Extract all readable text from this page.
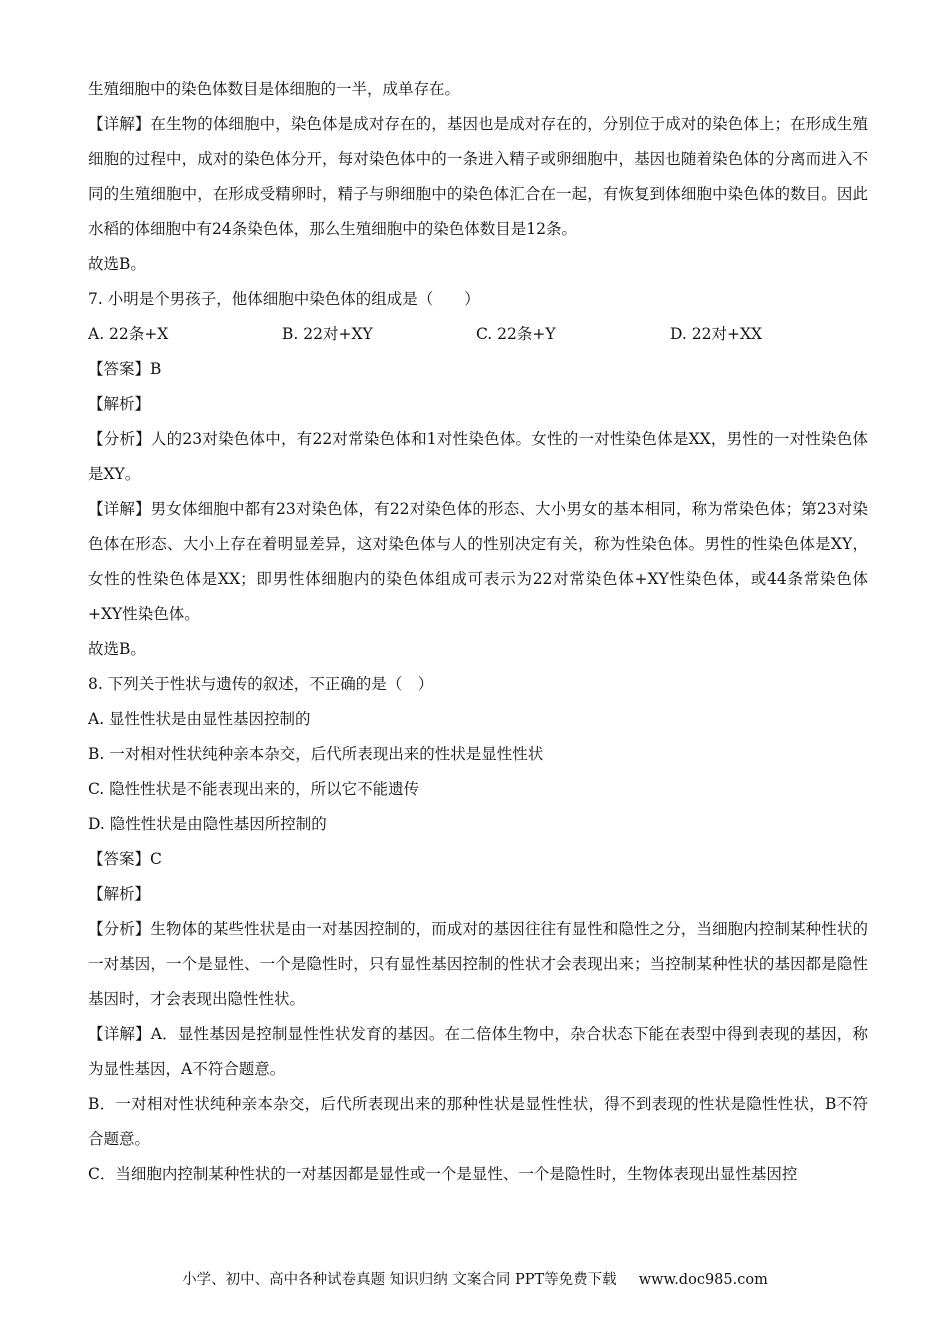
生殖细胞中的染色体数目是体细胞的一半，成单存在。
【详解】在生物的体细胞中，染色体是成对存在的，基因也是成对存在的，分别位于成对的染色体上；在形成生殖细胞的过程中，成对的染色体分开，每对染色体中的一条进入精子或卵细胞中，基因也随着染色体的分离而进入不同的生殖细胞中，在形成受精卵时，精子与卵细胞中的染色体汇合在一起，有恢复到体细胞中染色体的数目。因此水稻的体细胞中有24条染色体，那么生殖细胞中的染色体数目是12条。
故选B。
7. 小明是个男孩子，他体细胞中染色体的组成是（　　）
A. 22条+X	B. 22对+XY	C. 22条+Y	D. 22对+XX
【答案】B
【解析】
【分析】人的23对染色体中，有22对常染色体和1对性染色体。女性的一对性染色体是XX，男性的一对性染色体是XY。
【详解】男女体细胞中都有23对染色体，有22对染色体的形态、大小男女的基本相同，称为常染色体；第23对染色体在形态、大小上存在着明显差异，这对染色体与人的性别决定有关，称为性染色体。男性的性染色体是XY，女性的性染色体是XX；即男性体细胞内的染色体组成可表示为22对常染色体+XY性染色体，或44条常染色体+XY性染色体。
故选B。
8. 下列关于性状与遗传的叙述，不正确的是（　）
A. 显性性状是由显性基因控制的
B. 一对相对性状纯种亲本杂交，后代所表现出来的性状是显性性状
C. 隐性性状是不能表现出来的，所以它不能遗传
D. 隐性性状是由隐性基因所控制的
【答案】C
【解析】
【分析】生物体的某些性状是由一对基因控制的，而成对的基因往往有显性和隐性之分，当细胞内控制某种性状的一对基因，一个是显性、一个是隐性时，只有显性基因控制的性状才会表现出来；当控制某种性状的基因都是隐性基因时，才会表现出隐性性状。
【详解】A．显性基因是控制显性性状发育的基因。在二倍体生物中，杂合状态下能在表型中得到表现的基因，称为显性基因，A不符合题意。
B．一对相对性状纯种亲本杂交，后代所表现出来的那种性状是显性性状，得不到表现的性状是隐性性状，B不符合题意。
C．当细胞内控制某种性状的一对基因都是显性或一个是显性、一个是隐性时，生物体表现出显性基因控
小学、初中、高中各种试卷真题 知识归纳 文案合同 PPT等免费下载 www.doc985.com
